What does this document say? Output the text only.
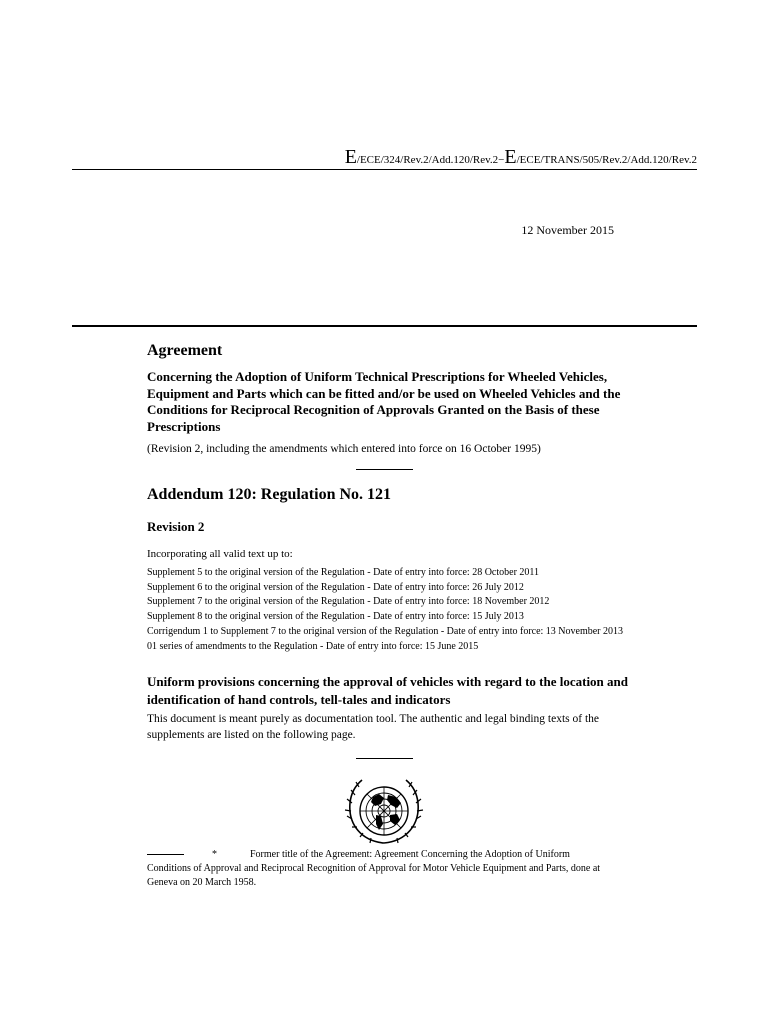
E/ECE/324/Rev.2/Add.120/Rev.2−E/ECE/TRANS/505/Rev.2/Add.120/Rev.2
12 November 2015
Agreement
Concerning the Adoption of Uniform Technical Prescriptions for Wheeled Vehicles, Equipment and Parts which can be fitted and/or be used on Wheeled Vehicles and the Conditions for Reciprocal Recognition of Approvals Granted on the Basis of these Prescriptions
(Revision 2, including the amendments which entered into force on 16 October 1995)
Addendum 120: Regulation No. 121
Revision 2
Incorporating all valid text up to:
Supplement 5 to the original version of the Regulation - Date of entry into force: 28 October 2011
Supplement 6 to the original version of the Regulation - Date of entry into force: 26 July 2012
Supplement 7 to the original version of the Regulation - Date of entry into force: 18 November 2012
Supplement 8 to the original version of the Regulation - Date of entry into force: 15 July 2013
Corrigendum 1 to Supplement 7 to the original version of the Regulation - Date of entry into force: 13 November 2013
01 series of amendments to the Regulation - Date of entry into force: 15 June 2015
Uniform provisions concerning the approval of vehicles with regard to the location and identification of hand controls, tell-tales and indicators
This document is meant purely as documentation tool. The authentic and legal binding texts of the supplements are listed on the following page.
*	Former title of the Agreement: Agreement Concerning the Adoption of Uniform Conditions of Approval and Reciprocal Recognition of Approval for Motor Vehicle Equipment and Parts, done at Geneva on 20 March 1958.
